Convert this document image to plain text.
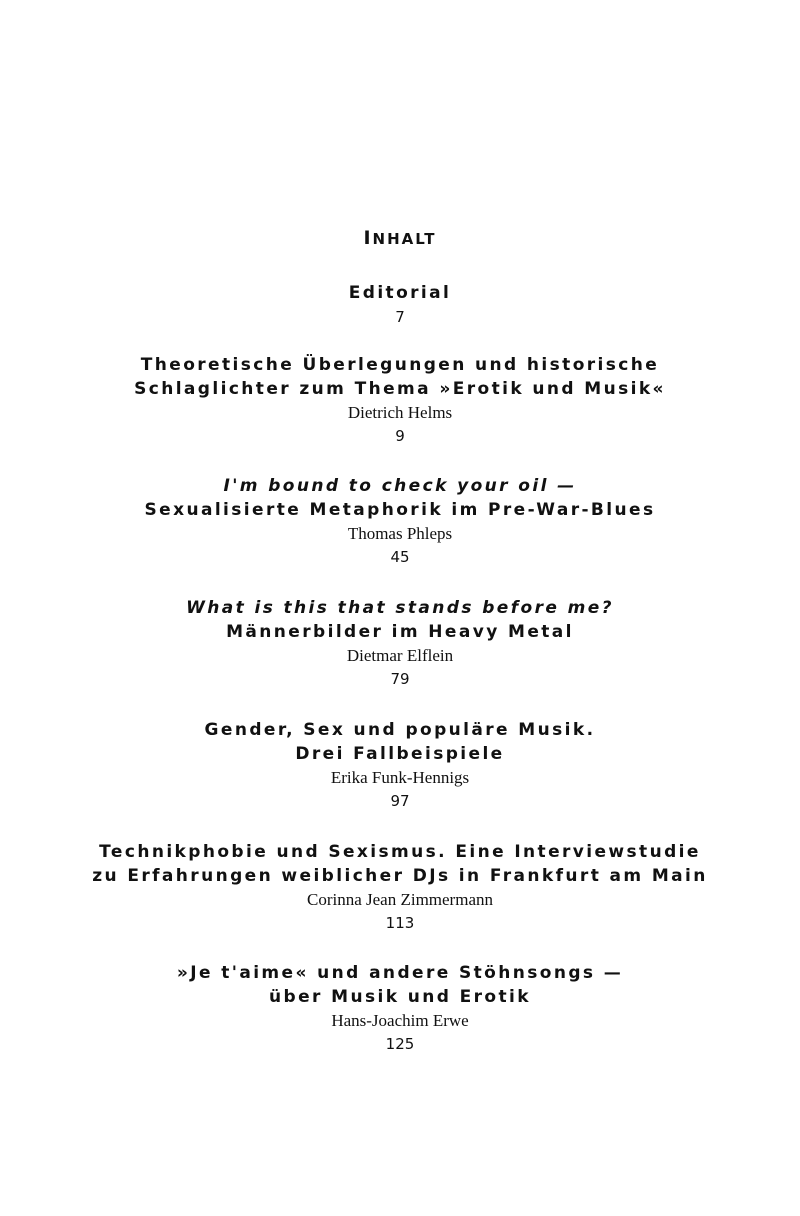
INHALT

Editorial

7

Theoretische Überlegungen und historische

Schlaglichter zum Thema »Erotik und Musik«

Dietrich Helms

9

I'm bound to check your oil —

Sexualisierte Metaphorik im Pre-War-Blues

Thomas Phleps

45

What is this that stands before me?

Männerbilder im Heavy Metal

Dietmar Elflein

79

Gender, Sex und populäre Musik.

Drei Fallbeispiele

Erika Funk-Hennigs

97

Technikphobie und Sexismus. Eine Interviewstudie

zu Erfahrungen weiblicher DJs in Frankfurt am Main

Corinna Jean Zimmermann

113

»Je t'aime« und andere Stöhnsongs —

über Musik und Erotik

Hans-Joachim Erwe

125
